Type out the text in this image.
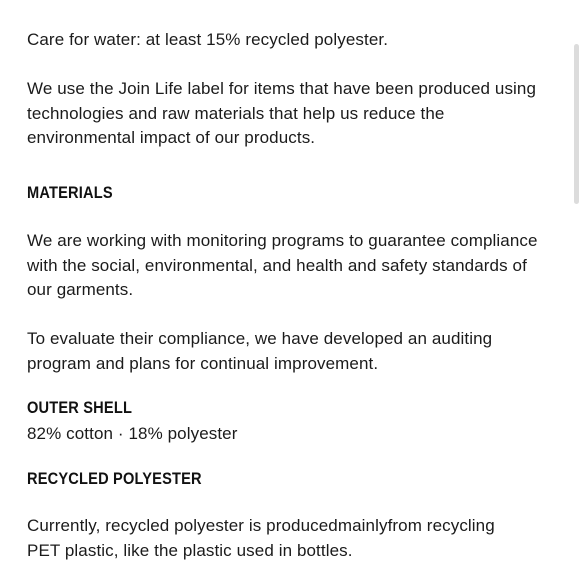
Care for water: at least 15% recycled polyester.

We use the Join Life label for items that have been produced using technologies and raw materials that help us reduce the environmental impact of our products.

MATERIALS

We are working with monitoring programs to guarantee compliance with the social, environmental, and health and safety standards of our garments.

To evaluate their compliance, we have developed an auditing program and plans for continual improvement.

OUTER SHELL

82% cotton · 18% polyester

RECYCLED POLYESTER

Currently, recycled polyester is producedmainlyfrom recycling PET plastic, like the plastic used in bottles.
